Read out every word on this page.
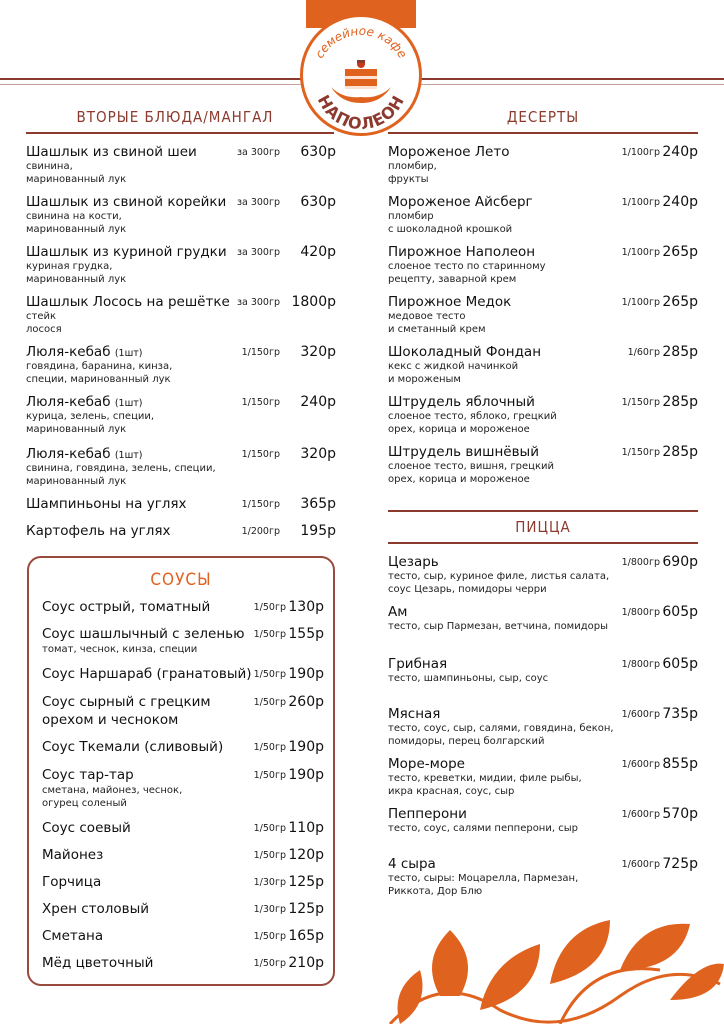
семейное кафе
НАПОЛЕОН
ВТОРЫЕ БЛЮДА/МАНГАЛ
Шашлык из свиной шеи
свинина,
маринованный лук
за 300гр 630р
Шашлык из свиной корейки
свинина на кости,
маринованный лук
за 300гр 630р
Шашлык из куриной грудки
куриная грудка,
маринованный лук
за 300гр 420р
Шашлык Лосось на решётке
стейк
лосося
за 300гр 1800р
Люля-кебаб (1шт)
говядина, баранина, кинза,
специи, маринованный лук
1/150гр 320р
Люля-кебаб (1шт)
курица, зелень, специи,
маринованный лук
1/150гр 240р
Люля-кебаб (1шт)
свинина, говядина, зелень, специи,
маринованный лук
1/150гр 320р
Шампиньоны на углях	1/150гр 365р
Картофель на углях	1/200гр 195р
ДЕСЕРТЫ
Мороженое Лето
пломбир,
фрукты
1/100гр 240р
Мороженое Айсберг
пломбир
с шоколадной крошкой
1/100гр 240р
Пирожное Наполеон
слоеное тесто по старинному
рецепту, заварной крем
1/100гр 265р
Пирожное Медок
медовое тесто
и сметанный крем
1/100гр 265р
Шоколадный Фондан
кекс с жидкой начинкой
и мороженым
1/60гр 285р
Штрудель яблочный
слоеное тесто, яблоко, грецкий
орех, корица и мороженое
1/150гр 285р
Штрудель вишнёвый
слоеное тесто, вишня, грецкий
орех, корица и мороженое
1/150гр 285р
СОУСЫ
Соус острый, томатный	1/50гр 130р
Соус шашлычный с зеленью
томат, чеснок, кинза, специи
1/50гр 155р
Соус Наршараб (гранатовый) 1/50гр 190р
Соус сырный с грецким
орехом и чесноком
1/50гр 260р
Соус Ткемали (сливовый)	1/50гр 190р
Соус тар-тар
сметана, майонез, чеснок,
огурец соленый
1/50гр 190р
Соус соевый	1/50гр 110р
Майонез	1/50гр 120р
Горчица	1/30гр 125р
Хрен столовый	1/30гр 125р
Сметана	1/50гр 165р
Мёд цветочный	1/50гр 210р
ПИЦЦА
Цезарь
тесто, сыр, куриное филе, листья салата,
соус Цезарь, помидоры черри
1/800гр 690р
Ам
тесто, сыр Пармезан, ветчина, помидоры
1/800гр 605р
Грибная
тесто, шампиньоны, сыр, соус
1/800гр 605р
Мясная
тесто, соус, сыр, салями, говядина, бекон,
помидоры, перец болгарский
1/600гр 735р
Море-море
тесто, креветки, мидии, филе рыбы,
икра красная, соус, сыр
1/600гр 855р
Пепперони
тесто, соус, салями пепперони, сыр
1/600гр 570р
4 сыра
тесто, сыры: Моцарелла, Пармезан,
Риккота, Дор Блю
1/600гр 725р
